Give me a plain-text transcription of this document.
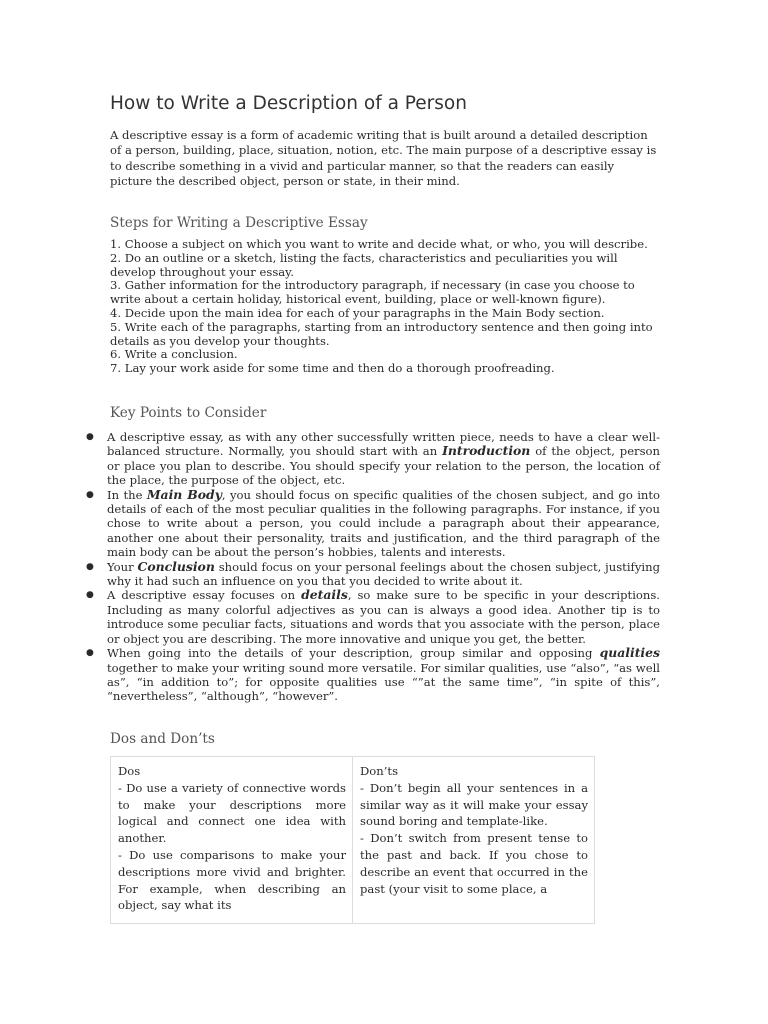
How to Write a Description of a Person

A descriptive essay is a form of academic writing that is built around a detailed description of a person, building, place, situation, notion, etc. The main purpose of a descriptive essay is to describe something in a vivid and particular manner, so that the readers can easily picture the described object, person or state, in their mind.

Steps for Writing a Descriptive Essay

1. Choose a subject on which you want to write and decide what, or who, you will describe.

2. Do an outline or a sketch, listing the facts, characteristics and peculiarities you will develop throughout your essay.

3. Gather information for the introductory paragraph, if necessary (in case you choose to write about a certain holiday, historical event, building, place or well-known figure).

4. Decide upon the main idea for each of your paragraphs in the Main Body section.

5. Write each of the paragraphs, starting from an introductory sentence and then going into details as you develop your thoughts.

6. Write a conclusion.

7. Lay your work aside for some time and then do a thorough proofreading.

Key Points to Consider
● A descriptive essay, as with any other successfully written piece, needs to have a clear well-balanced structure. Normally, you should start with an Introduction of the object, person or place you plan to describe. You should specify your relation to the person, the location of the place, the purpose of the object, etc.
● In the Main Body, you should focus on specific qualities of the chosen subject, and go into details of each of the most peculiar qualities in the following paragraphs. For instance, if you chose to write about a person, you could include a paragraph about their appearance, another one about their personality, traits and justification, and the third paragraph of the main body can be about the person’s hobbies, talents and interests.
● Your Conclusion should focus on your personal feelings about the chosen subject, justifying why it had such an influence on you that you decided to write about it.
● A descriptive essay focuses on details, so make sure to be specific in your descriptions. Including as many colorful adjectives as you can is always a good idea. Another tip is to introduce some peculiar facts, situations and words that you associate with the person, place or object you are describing. The more innovative and unique you get, the better.
● When going into the details of your description, group similar and opposing qualities together to make your writing sound more versatile. For similar qualities, use “also”, “as well as”, “in addition to”; for opposite qualities use “”at the same time”, “in spite of this”, “nevertheless”, “although”, “however”.
Dos and Don’ts
Dos

- Do use a variety of connective words to make your descriptions more logical and connect one idea with another.

- Do use comparisons to make your descriptions more vivid and brighter. For example, when describing an object, say what its

Don’ts

- Don’t begin all your sentences in a similar way as it will make your essay sound boring and template-like.

- Don’t switch from present tense to the past and back. If you chose to describe an event that occurred in the past (your visit to some place, a
